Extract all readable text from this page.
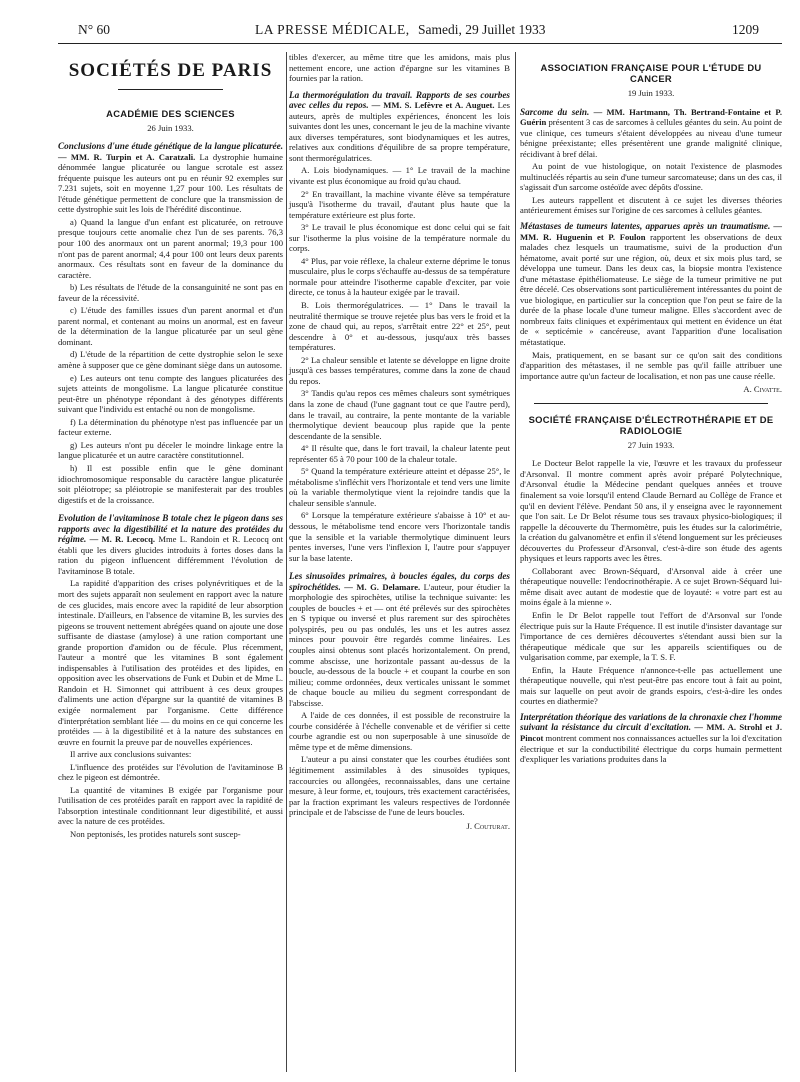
N° 60	LA PRESSE MÉDICALE, Samedi, 29 Juillet 1933	1209
SOCIÉTÉS DE PARIS
ACADÉMIE DES SCIENCES
26 Juin 1933.

Conclusions d'une étude génétique de la langue plicaturée. — MM. R. Turpin et A. Caratzali. La dystrophie humaine dénommée langue plicaturée ou langue scrotale est assez fréquente puisque les auteurs ont pu en réunir 92 exemples sur 7.231 sujets, soit en moyenne 1,27 pour 100. Les résultats de l'étude génétique permettent de conclure que la transmission de cette dystrophie suit les lois de l'hérédité discontinue.

a) Quand la langue d'un enfant est plicaturée, on retrouve presque toujours cette anomalie chez l'un de ses parents. 76,3 pour 100 des anormaux ont un parent anormal; 19,3 pour 100 n'ont pas de parent anormal; 4,4 pour 100 ont leurs deux parents anormaux. Ces résultats sont en faveur de la dominance du caractère.

b) Les résultats de l'étude de la consanguinité ne sont pas en faveur de la récessivité.

c) L'étude des familles issues d'un parent anormal et d'un parent normal, et contenant au moins un anormal, est en faveur de la détermination de la langue plicaturée par un seul gène dominant.

d) L'étude de la répartition de cette dystrophie selon le sexe amène à supposer que ce gène dominant siège dans un autosome.

e) Les auteurs ont tenu compte des langues plicaturées des sujets atteints de mongolisme. La langue plicaturée constitue peut-être un phénotype répondant à des génotypes différents suivant que l'individu est entaché ou non de mongolisme.

f) La détermination du phénotype n'est pas influencée par un facteur externe.

g) Les auteurs n'ont pu déceler le moindre linkage entre la langue plicaturée et un autre caractère constitutionnel.

h) Il est possible enfin que le gène dominant idiochromosomique responsable du caractère langue plicaturée soit pléiotrope; sa pléiotropie se manifesterait par des troubles digestifs et de la croissance.

Evolution de l'avitaminose B totale chez le pigeon dans ses rapports avec la digestibilité et la nature des protéides du régime. — M. R. Lecocq. Mme L. Randoin et R. Lecocq ont établi que les divers glucides introduits à fortes doses dans la ration du pigeon influencent différemment l'évolution de l'avitaminose B totale.

La rapidité d'apparition des crises polynévritiques et de la mort des sujets apparaît non seulement en rapport avec la nature de ces glucides, mais encore avec la rapidité de leur absorption intestinale. D'ailleurs, en l'absence de vitamine B, les survies des pigeons se trouvent nettement abrégées quand on ajoute une dose suffisante de diastase (amylose) à une ration comportant une grande proportion d'amidon ou de fécule. Plus récemment, l'auteur a montré que les vitamines B sont également indispensables à l'utilisation des protéides et des lipides, en opposition avec les observations de Funk et Dubin et de Mme L. Randoin et H. Simonnet qui attribuent à ces deux groupes d'aliments une action d'épargne sur la quantité de vitamines B exigée normalement par l'organisme. Cette différence d'interprétation semblant liée — du moins en ce qui concerne les protéides — à la digestibilité et à la nature des substances en œuvre en fournit la preuve par de nouvelles expériences.

Il arrive aux conclusions suivantes:

L'influence des protéides sur l'évolution de l'avitaminose B chez le pigeon est démontrée.

La quantité de vitamines B exigée par l'organisme pour l'utilisation de ces protéides paraît en rapport avec la rapidité de l'absorption intestinale conditionnant leur digestibilité, et aussi avec la nature de ces protéides.

Non peptonisés, les protides naturels sont suscep-

tibles d'exercer, au même titre que les amidons, mais plus nettement encore, une action d'épargne sur les vitamines B fournies par la ration.

La thermorégulation du travail. Rapports de ses courbes avec celles du repos. — MM. S. Lefèvre et A. Auguet. Les auteurs, après de multiples expériences, énoncent les lois suivantes dont les unes, concernant le jeu de la machine vivante aux diverses températures, sont biodynamiques et les autres, relatives aux conditions d'équilibre de sa propre température, sont thermorégulatrices.

A. Lois biodynamiques. — 1° Le travail de la machine vivante est plus économique au froid qu'au chaud.

2° En travaillant, la machine vivante élève sa température jusqu'à l'isotherme du travail, d'autant plus haute que la température extérieure est plus forte.

3° Le travail le plus économique est donc celui qui se fait sur l'isotherme la plus voisine de la température normale du corps.

4° Plus, par voie réflexe, la chaleur externe déprime le tonus musculaire, plus le corps s'échauffe au-dessus de sa température normale pour atteindre l'isotherme capable d'exciter, par voie directe, ce tonus à la hauteur exigée par le travail.

B. Lois thermorégulatrices. — 1° Dans le travail la neutralité thermique se trouve rejetée plus bas vers le froid et la zone de chaud qui, au repos, s'arrêtait entre 22° et 25°, peut descendre à 0° et au-dessous, jusqu'aux très basses températures.

2° La chaleur sensible et latente se développe en ligne droite jusqu'à ces basses températures, comme dans la zone de chaud du repos.

3° Tandis qu'au repos ces mêmes chaleurs sont symétriques dans la zone de chaud (l'une gagnant tout ce que l'autre perd), dans le travail, au contraire, la pente montante de la variable thermolytique devient beaucoup plus rapide que la pente descendante de la sensible.

4° Il résulte que, dans le fort travail, la chaleur latente peut représenter 65 à 70 pour 100 de la chaleur totale.

5° Quand la température extérieure atteint et dépasse 25°, le métabolisme s'infléchit vers l'horizontale et tend vers une limite où la variable thermolytique vient la rejoindre tandis que la chaleur sensible s'annule.

6° Lorsque la température extérieure s'abaisse à 10° et au-dessous, le métabolisme tend encore vers l'horizontale tandis que la sensible et la variable thermolytique diminuent leurs pentes inverses, l'une vers l'inflexion I, l'autre pour s'appuyer sur la base latente.

Les sinusoïdes primaires, à boucles égales, du corps des spirochétides. — M. G. Delamare. L'auteur, pour étudier la morphologie des spirochètes, utilise la technique suivante: les couples de boucles + et — ont été prélevés sur des spirochètes en S typique ou inversé et plus rarement sur des spirochètes polyspirés, peu ou pas ondulés, les uns et les autres assez minces pour pouvoir être regardés comme linéaires. Les couples ainsi obtenus sont placés horizontalement. On prend, comme abscisse, une horizontale passant au-dessus de la boucle, au-dessous de la boucle + et coupant la courbe en son milieu; comme ordonnées, deux verticales unissant le sommet de chaque boucle au milieu du segment correspondant de l'abscisse.

A l'aide de ces données, il est possible de reconstruire la courbe considérée à l'échelle convenable et de vérifier si cette courbe agrandie est ou non superposable à une sinusoïde de même type et de même dimensions.

L'auteur a pu ainsi constater que les courbes étudiées sont légitimement assimilables à des sinusoïdes typiques, raccourcies ou allongées, reconnaissables, dans une certaine mesure, à leur forme, et, toujours, très exactement caractérisées, par la fraction exprimant les valeurs respectives de l'ordonnée principale et de l'abscisse de l'une de leurs boucles.

J. Couturat.
ASSOCIATION FRANÇAISE POUR L'ÉTUDE DU CANCER
19 Juin 1933.

Sarcome du sein. — MM. Hartmann, Th. Bertrand-Fontaine et P. Guérin présentent 3 cas de sarcomes à cellules géantes du sein. Au point de vue clinique, ces tumeurs s'étaient développées au niveau d'une tumeur bénigne préexistante; elles présentèrent une grande malignité clinique, récidivant à bref délai.

Au point de vue histologique, on notait l'existence de plasmodes multinucléés répartis au sein d'une tumeur sarcomateuse; dans un des cas, il s'agissait d'un sarcome ostéoïde avec dépôts d'ossine.

Les auteurs rappellent et discutent à ce sujet les diverses théories antérieurement émises sur l'origine de ces sarcomes à cellules géantes.

Métastases de tumeurs latentes, apparues après un traumatisme. — MM. R. Huguenin et P. Foulon rapportent les observations de deux malades chez lesquels un traumatisme, suivi de la production d'un hématome, avait porté sur une région, où, deux et six mois plus tard, se développa une tumeur. Dans les deux cas, la biopsie montra l'existence d'une métastase épithéliomateuse. Le siège de la tumeur primitive ne put être décelé. Ces observations sont particulièrement intéressantes du point de vue biologique, en particulier sur la conception que l'on peut se faire de la durée de la phase locale d'une tumeur maligne. Elles s'accordent avec de nombreux faits cliniques et expérimentaux qui mettent en évidence un état de « septicémie » cancéreuse, avant l'apparition d'une localisation métastatique.

Mais, pratiquement, en se basant sur ce qu'on sait des conditions d'apparition des métastases, il ne semble pas qu'il faille attribuer une importance autre qu'un facteur de localisation, et non pas une cause réelle.

A. Civatte.
SOCIÉTÉ FRANÇAISE D'ÉLECTROTHÉRAPIE ET DE RADIOLOGIE
27 Juin 1933.

Le Docteur Belot rappelle la vie, l'œuvre et les travaux du professeur d'Arsonval. Il montre comment après avoir préparé Polytechnique, d'Arsonval étudie la Médecine pendant quelques années et trouve finalement sa voie lorsqu'il entend Claude Bernard au Collège de France et qu'il en devient l'élève. Pendant 50 ans, il y enseigna avec le rayonnement que l'on sait. Le Dr Belot résume tous ses travaux physico-biologiques; il rappelle la découverte du Thermomètre, puis les études sur la calorimétrie, la création du galvanomètre et enfin il s'étend longuement sur les précieuses découvertes du Professeur d'Arsonval, c'est-à-dire son étude des agents physiques et leurs rapports avec les êtres.

Collaborant avec Brown-Séquard, d'Arsonval aide à créer une thérapeutique nouvelle: l'endocrinothérapie. A ce sujet Brown-Séquard lui-même disait avec autant de modestie que de loyauté: « votre part est au moins égale à la mienne ».

Enfin le Dr Belot rappelle tout l'effort de d'Arsonval sur l'onde électrique puis sur la Haute Fréquence. Il est inutile d'insister davantage sur l'importance de ces dernières découvertes s'étendant aussi bien sur la thérapeutique médicale que sur les appareils scientifiques ou de vulgarisation comme, par exemple, la T. S. F.

Enfin, la Haute Fréquence n'annonce-t-elle pas actuellement une thérapeutique nouvelle, qui n'est peut-être pas encore tout à fait au point, mais sur laquelle on peut avoir de grands espoirs, c'est-à-dire les ondes courtes en diathermie?

Interprétation théorique des variations de la chronaxie chez l'homme suivant la résistance du circuit d'excitation. — MM. A. Strohl et J. Pincot montrent comment nos connaissances actuelles sur la loi d'excitation électrique et sur la conductibilité électrique du corps humain permettent d'expliquer les variations produites dans la
